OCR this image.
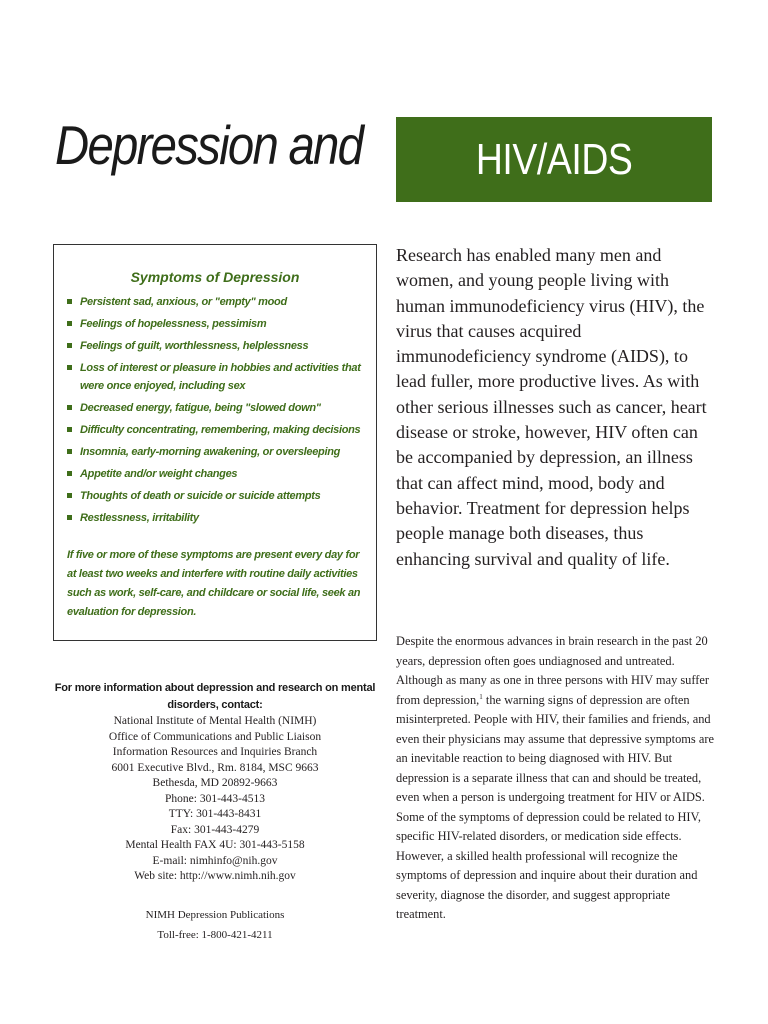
Depression and	HIV/AIDS
Symptoms of Depression
Persistent sad, anxious, or "empty" mood
Feelings of hopelessness, pessimism
Feelings of guilt, worthlessness, helplessness
Loss of interest or pleasure in hobbies and activities that were once enjoyed, including sex
Decreased energy, fatigue, being "slowed down"
Difficulty concentrating, remembering, making decisions
Insomnia, early-morning awakening, or oversleeping
Appetite and/or weight changes
Thoughts of death or suicide or suicide attempts
Restlessness, irritability

If five or more of these symptoms are present every day for at least two weeks and interfere with routine daily activities such as work, self-care, and childcare or social life, seek an evaluation for depression.

For more information about depression and research on mental disorders, contact:

National Institute of Mental Health (NIMH)
Office of Communications and Public Liaison
Information Resources and Inquiries Branch
6001 Executive Blvd., Rm. 8184, MSC 9663
Bethesda, MD 20892-9663
Phone: 301-443-4513
TTY: 301-443-8431
Fax: 301-443-4279
Mental Health FAX 4U: 301-443-5158
E-mail: nimhinfo@nih.gov
Web site: http://www.nimh.nih.gov
NIMH Depression Publications
Toll-free: 1-800-421-4211

Research has enabled many men and women, and young people living with human immunodeficiency virus (HIV), the virus that causes acquired immunodeficiency syndrome (AIDS), to lead fuller, more productive lives. As with other serious illnesses such as cancer, heart disease or stroke, however, HIV often can be accompanied by depression, an illness that can affect mind, mood, body and behavior. Treatment for depression helps people manage both diseases, thus enhancing survival and quality of life.

Despite the enormous advances in brain research in the past 20 years, depression often goes undiagnosed and untreated. Although as many as one in three persons with HIV may suffer from depression,$^1$ the warning signs of depression are often misinterpreted. People with HIV, their families and friends, and even their physicians may assume that depressive symptoms are an inevitable reaction to being diagnosed with HIV. But depression is a separate illness that can and should be treated, even when a person is undergoing treatment for HIV or AIDS. Some of the symptoms of depression could be related to HIV, specific HIV-related disorders, or medication side effects. However, a skilled health professional will recognize the symptoms of depression and inquire about their duration and severity, diagnose the disorder, and suggest appropriate treatment.
